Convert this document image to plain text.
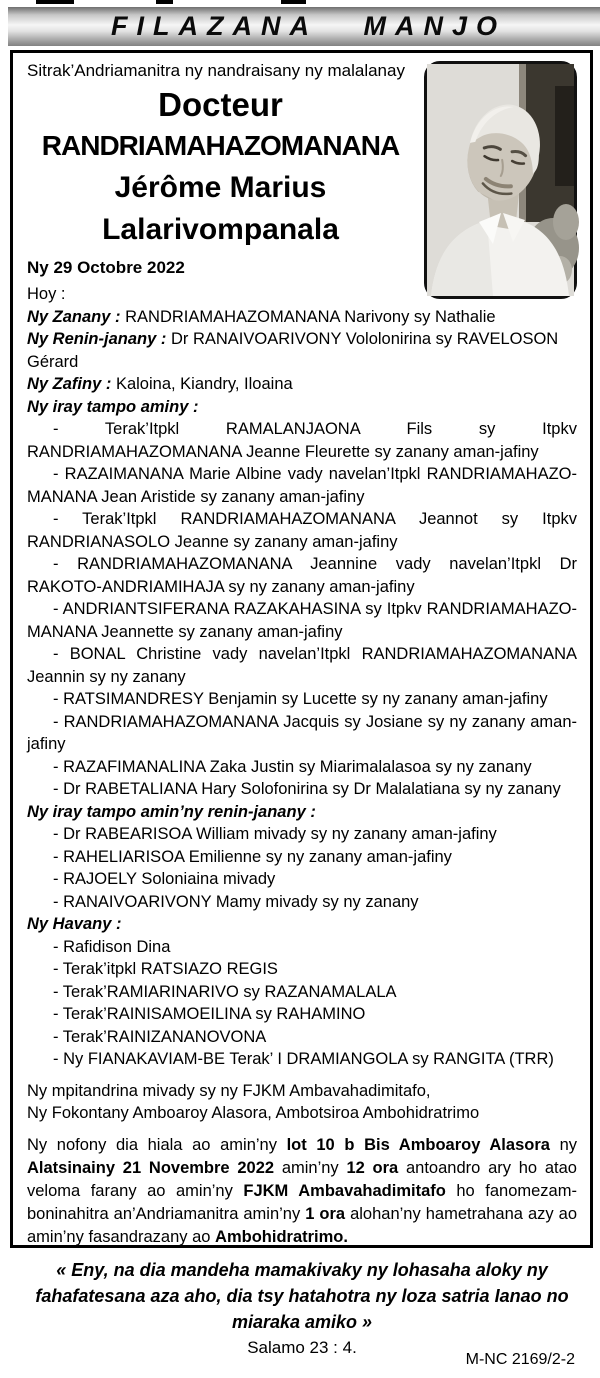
FILAZANA MANJO

Sitrak’Andriamanitra ny nandraisany ny malalanay

Docteur
RANDRIAMAHAZOMANANA
Jérôme Marius
Lalarivompanala

Ny 29 Octobre 2022

Hoy :

Ny Zanany : RANDRIAMAHAZOMANANA Narivony sy Nathalie

Ny Renin-janany : Dr RANAIVOARIVONY Vololonirina sy RAVELOSON Gérard

Ny Zafiny : Kaloina, Kiandry, Iloaina

Ny iray tampo aminy :

- Terak’Itpkl RAMALANJAONA Fils sy Itpkv RANDRIAMAHAZOMANANA Jeanne Fleurette sy zanany aman-jafiny

- RAZAIMANANA Marie Albine vady navelan’Itpkl RANDRIAMAHAZO-MANANA Jean Aristide sy zanany aman-jafiny

- Terak’Itpkl RANDRIAMAHAZOMANANA Jeannot sy Itpkv RANDRIANASOLO Jeanne sy zanany aman-jafiny

- RANDRIAMAHAZOMANANA Jeannine vady navelan’Itpkl Dr RAKOTO-ANDRIAMIHAJA sy ny zanany aman-jafiny

- ANDRIANTSIFERANA RAZAKAHASINA sy Itpkv RANDRIAMAHAZO-MANANA Jeannette sy zanany aman-jafiny

- BONAL Christine vady navelan’Itpkl RANDRIAMAHAZOMANANA Jeannin sy ny zanany

- RATSIMANDRESY Benjamin sy Lucette sy ny zanany aman-jafiny

- RANDRIAMAHAZOMANANA Jacquis sy Josiane sy ny zanany aman-jafiny

- RAZAFIMANALINA Zaka Justin sy Miarimalalasoa sy ny zanany

- Dr RABETALIANA Hary Solofonirina sy Dr Malalatiana sy ny zanany

Ny iray tampo amin’ny renin-janany :

- Dr RABEARISOA William mivady sy ny zanany aman-jafiny

- RAHELIARISOA Emilienne sy ny zanany aman-jafiny

- RAJOELY Soloniaina mivady

- RANAIVOARIVONY Mamy mivady sy ny zanany

Ny Havany :

- Rafidison Dina

- Terak’itpkl RATSIAZO REGIS

- Terak’RAMIARINARIVO sy RAZANAMALALA

- Terak’RAINISAMOEILINA sy RAHAMINO

- Terak’RAINIZANANOVONA

- Ny FIANAKAVIAM-BE Terak’ I DRAMIANGOLA sy RANGITA (TRR)

Ny mpitandrina mivady sy ny FJKM Ambavahadimitafo,

Ny Fokontany Amboaroy Alasora, Ambotsiroa Ambohidratrimo

Ny nofony dia hiala ao amin’ny lot 10 b Bis Amboaroy Alasora ny Alatsinainy 21 Novembre 2022 amin’ny 12 ora antoandro ary ho atao veloma farany ao amin’ny FJKM Ambavahadimitafo ho fanomezam-boninahitra an’Andriamanitra amin’ny 1 ora alohan’ny hametrahana azy ao amin’ny fasandrazany ao Ambohidratrimo.

« Eny, na dia mandeha mamakivaky ny lohasaha aloky ny fahafatesana aza aho, dia tsy hatahotra ny loza satria Ianao no miaraka amiko »

Salamo 23 : 4.

M-NC 2169/2-2
